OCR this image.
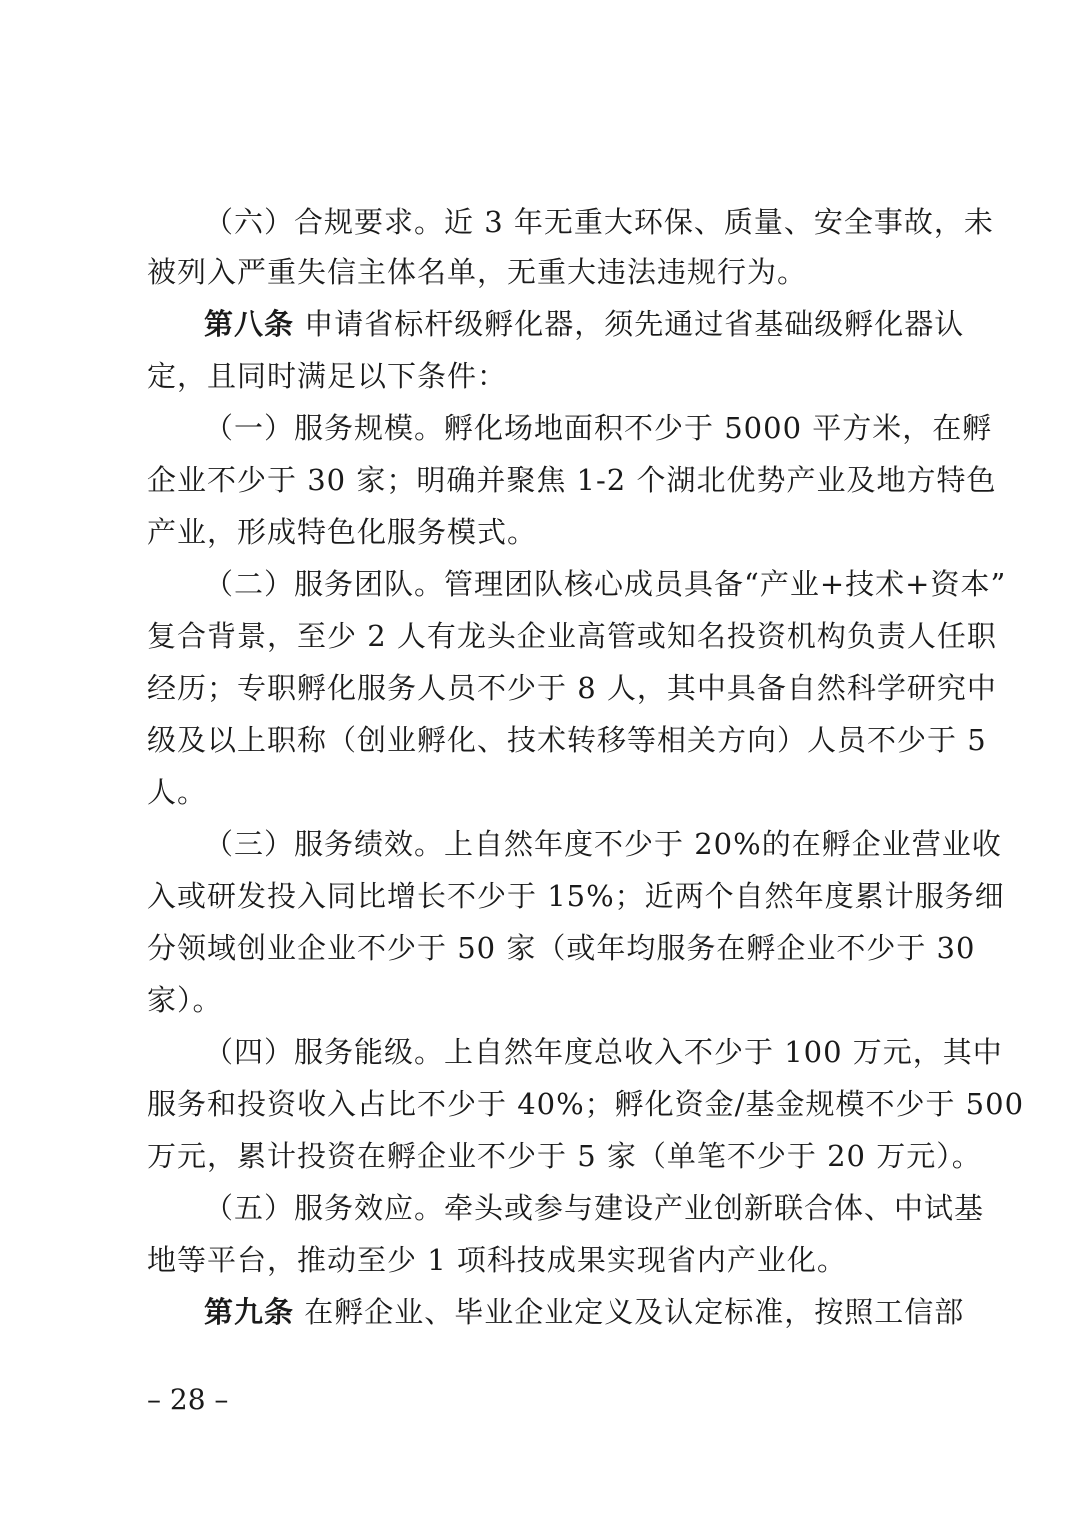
（六）合规要求。近 3 年无重大环保、质量、安全事故，未
被列入严重失信主体名单，无重大违法违规行为。
第八条 申请省标杆级孵化器，须先通过省基础级孵化器认
定，且同时满足以下条件：
（一）服务规模。孵化场地面积不少于 5000 平方米，在孵
企业不少于 30 家；明确并聚焦 1-2 个湖北优势产业及地方特色
产业，形成特色化服务模式。
（二）服务团队。管理团队核心成员具备“产业+技术+资本”
复合背景，至少 2 人有龙头企业高管或知名投资机构负责人任职
经历；专职孵化服务人员不少于 8 人，其中具备自然科学研究中
级及以上职称（创业孵化、技术转移等相关方向）人员不少于 5
人。
（三）服务绩效。上自然年度不少于 20%的在孵企业营业收
入或研发投入同比增长不少于 15%；近两个自然年度累计服务细
分领域创业企业不少于 50 家（或年均服务在孵企业不少于 30
家）。
（四）服务能级。上自然年度总收入不少于 100 万元，其中
服务和投资收入占比不少于 40%；孵化资金/基金规模不少于 500
万元，累计投资在孵企业不少于 5 家（单笔不少于 20 万元）。
（五）服务效应。牵头或参与建设产业创新联合体、中试基
地等平台，推动至少 1 项科技成果实现省内产业化。
第九条 在孵企业、毕业企业定义及认定标准，按照工信部
– 28 –
